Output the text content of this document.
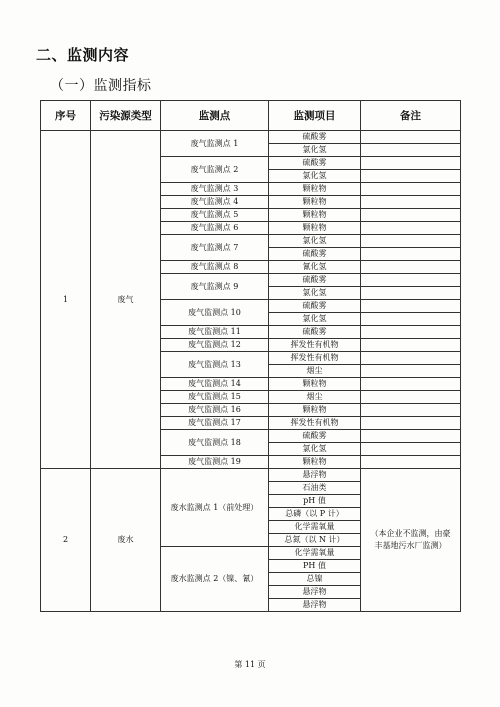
二、监测内容
（一）监测指标
序号	污染源类型	监测点	监测项目	备注
1	废气	废气监测点 1	硫酸雾	
			氯化氢	
		废气监测点 2	硫酸雾	
			氯化氢	
		废气监测点 3	颗粒物	
		废气监测点 4	颗粒物	
		废气监测点 5	颗粒物	
		废气监测点 6	颗粒物	
		废气监测点 7	氯化氢	
			硫酸雾	
		废气监测点 8	氰化氢	
		废气监测点 9	硫酸雾	
			氯化氢	
		废气监测点 10	硫酸雾	
			氯化氢	
		废气监测点 11	硫酸雾	
		废气监测点 12	挥发性有机物	
		废气监测点 13	挥发性有机物	
			烟尘	
		废气监测点 14	颗粒物	
		废气监测点 15	烟尘	
		废气监测点 16	颗粒物	
		废气监测点 17	挥发性有机物	
		废气监测点 18	硫酸雾	
			氯化氢	
		废气监测点 19	颗粒物	
2	废水	废水监测点 1（前处理）	悬浮物	（本企业不监测，由豪丰基地污水厂监测）
			石油类	
			pH 值	
			总磷（以 P 计）	
			化学需氧量	
			总氮（以 N 计）	
		废水监测点 2（镍、氰）	化学需氧量	
			PH 值	
			总镍	
			悬浮物	
			悬浮物	
第 11 页
